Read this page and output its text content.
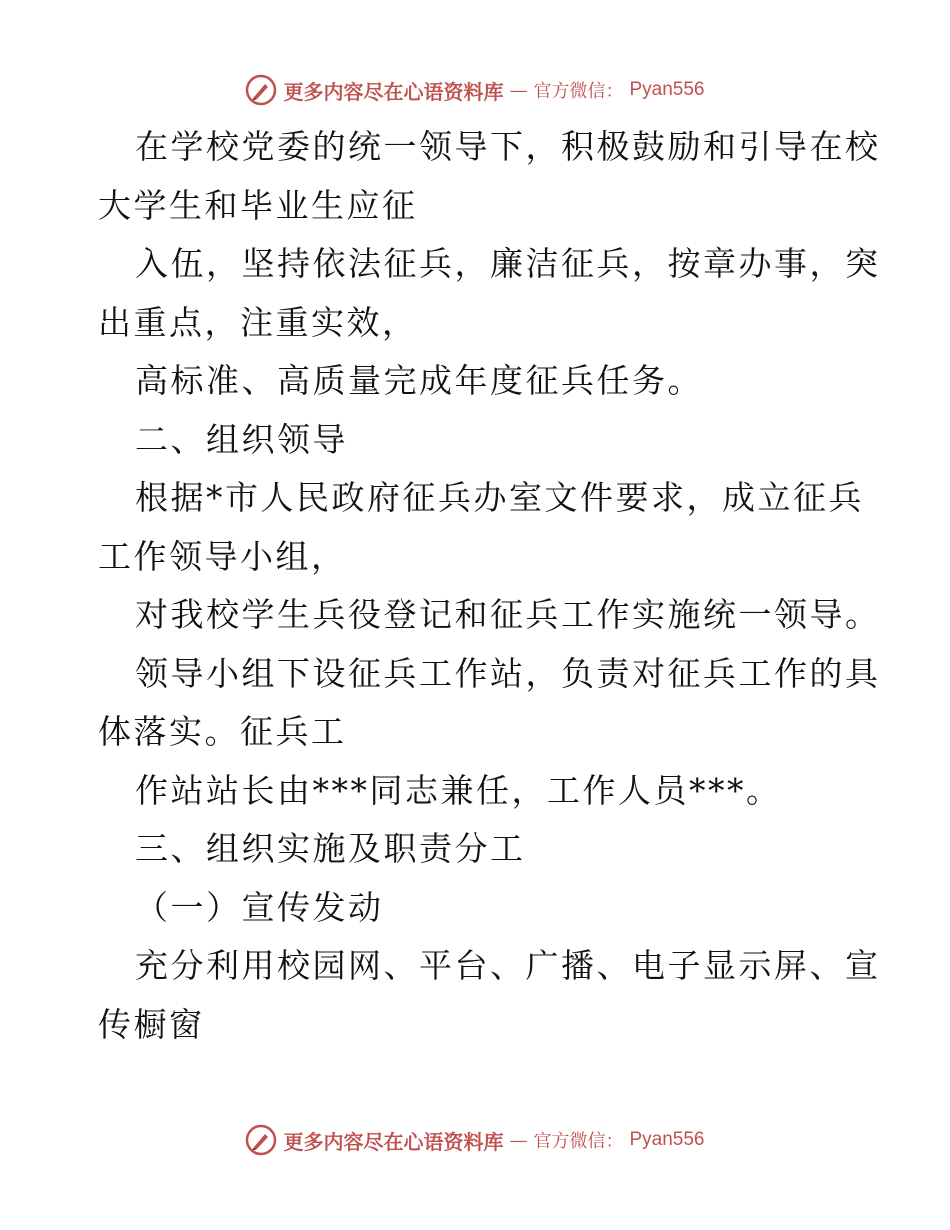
更多内容尽在心语资料库 — 官方微信： Pyan556
在学校党委的统一领导下，积极鼓励和引导在校
大学生和毕业生应征
入伍，坚持依法征兵，廉洁征兵，按章办事，突
出重点，注重实效，
高标准、高质量完成年度征兵任务。
二、组织领导
根据*市人民政府征兵办室文件要求，成立征兵
工作领导小组，
对我校学生兵役登记和征兵工作实施统一领导。
领导小组下设征兵工作站，负责对征兵工作的具
体落实。征兵工
作站站长由***同志兼任，工作人员***。
三、组织实施及职责分工
（一）宣传发动
充分利用校园网、平台、广播、电子显示屏、宣
传橱窗
更多内容尽在心语资料库 — 官方微信： Pyan556
